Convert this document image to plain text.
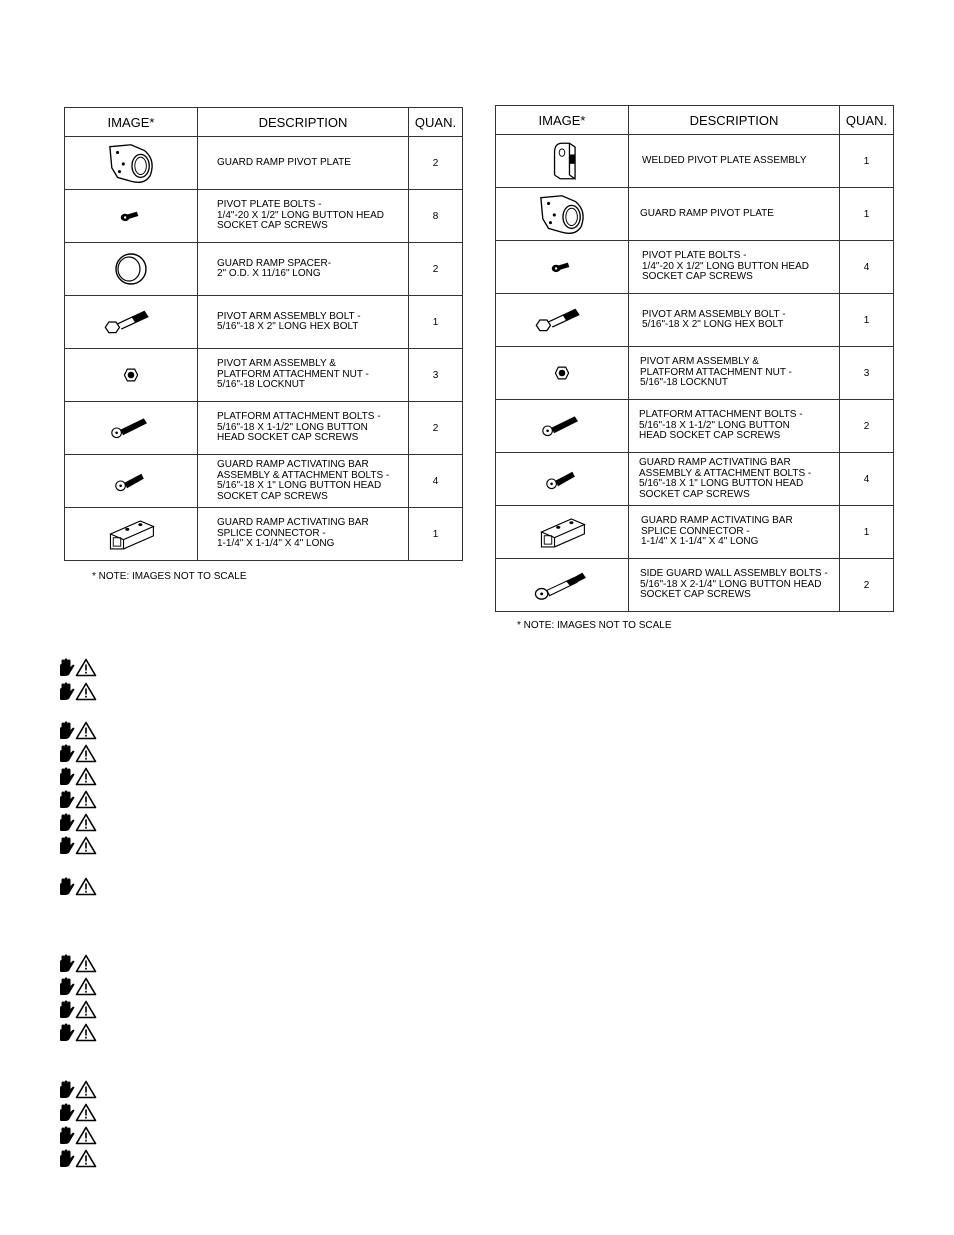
IMAGE*	DESCRIPTION	QUAN.

GUARD RAMP PIVOT PLATE	2

PIVOT PLATE BOLTS -
1/4"-20 X 1/2" LONG BUTTON HEAD
SOCKET CAP SCREWS	8

GUARD RAMP SPACER-
2" O.D. X 11/16" LONG	2

PIVOT ARM ASSEMBLY BOLT -
5/16"-18 X 2" LONG HEX BOLT	1

PIVOT ARM ASSEMBLY &
PLATFORM ATTACHMENT NUT -
5/16"-18 LOCKNUT	3

PLATFORM ATTACHMENT BOLTS -
5/16"-18 X 1-1/2" LONG BUTTON
HEAD SOCKET CAP SCREWS	2

GUARD RAMP ACTIVATING BAR
ASSEMBLY & ATTACHMENT BOLTS -
5/16"-18 X 1" LONG BUTTON HEAD
SOCKET CAP SCREWS	4

GUARD RAMP ACTIVATING BAR
SPLICE CONNECTOR -
1-1/4" X 1-1/4" X 4" LONG	1
* NOTE: IMAGES NOT TO SCALE
IMAGE*	DESCRIPTION	QUAN.

WELDED PIVOT PLATE ASSEMBLY	1

GUARD RAMP PIVOT PLATE	1

PIVOT PLATE BOLTS -
1/4"-20 X 1/2" LONG BUTTON HEAD
SOCKET CAP SCREWS	4

PIVOT ARM ASSEMBLY BOLT -
5/16"-18 X 2" LONG HEX BOLT	1

PIVOT ARM ASSEMBLY &
PLATFORM ATTACHMENT NUT -
5/16"-18 LOCKNUT	3

PLATFORM ATTACHMENT BOLTS -
5/16"-18 X 1-1/2" LONG BUTTON
HEAD SOCKET CAP SCREWS	2

GUARD RAMP ACTIVATING BAR
ASSEMBLY & ATTACHMENT BOLTS -
5/16"-18 X 1" LONG BUTTON HEAD
SOCKET CAP SCREWS	4

GUARD RAMP ACTIVATING BAR
SPLICE CONNECTOR -
1-1/4" X 1-1/4" X 4" LONG	1

SIDE GUARD WALL ASSEMBLY BOLTS -
5/16"-18 X 2-1/4" LONG BUTTON HEAD
SOCKET CAP SCREWS	2
* NOTE: IMAGES NOT TO SCALE
